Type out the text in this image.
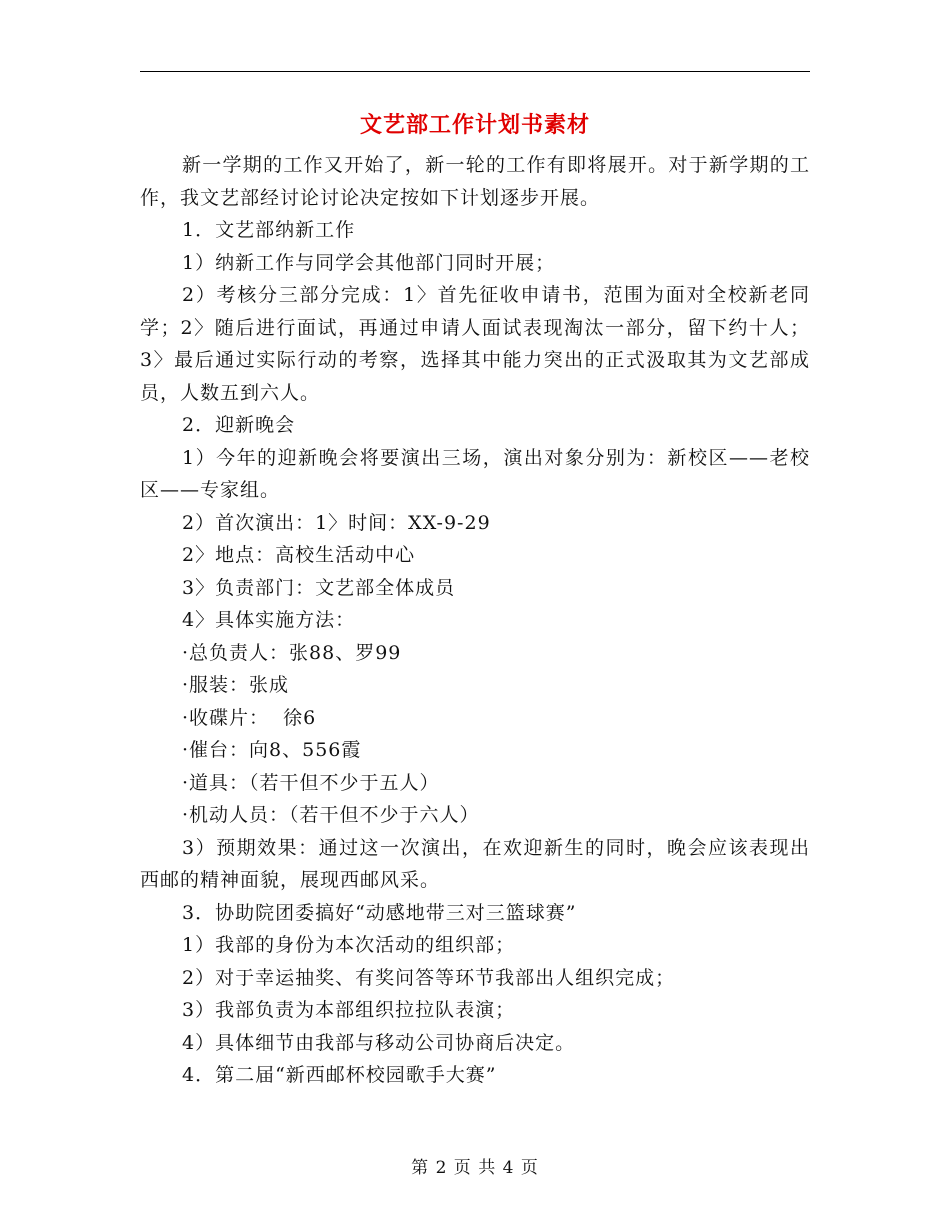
文艺部工作计划书素材

新一学期的工作又开始了，新一轮的工作有即将展开。对于新学期的工作，我文艺部经讨论讨论决定按如下计划逐步开展。

1．文艺部纳新工作

1）纳新工作与同学会其他部门同时开展；

2）考核分三部分完成：1〉首先征收申请书，范围为面对全校新老同学；2〉随后进行面试，再通过申请人面试表现淘汰一部分，留下约十人；3〉最后通过实际行动的考察，选择其中能力突出的正式汲取其为文艺部成员，人数五到六人。

2．迎新晚会

1）今年的迎新晚会将要演出三场，演出对象分别为：新校区——老校区——专家组。

2）首次演出：1〉时间：XX-9-29

2〉地点：高校生活动中心

3〉负责部门：文艺部全体成员

4〉具体实施方法：

·总负责人：张88、罗99

·服装：张成

·收碟片：  徐6

·催台：向8、556霞

·道具：（若干但不少于五人）

·机动人员：（若干但不少于六人）

3）预期效果：通过这一次演出，在欢迎新生的同时，晚会应该表现出西邮的精神面貌，展现西邮风采。

3．协助院团委搞好“动感地带三对三篮球赛”

1）我部的身份为本次活动的组织部；

2）对于幸运抽奖、有奖问答等环节我部出人组织完成；

3）我部负责为本部组织拉拉队表演；

4）具体细节由我部与移动公司协商后决定。

4．第二届“新西邮杯校园歌手大赛”

第 2 页 共 4 页
